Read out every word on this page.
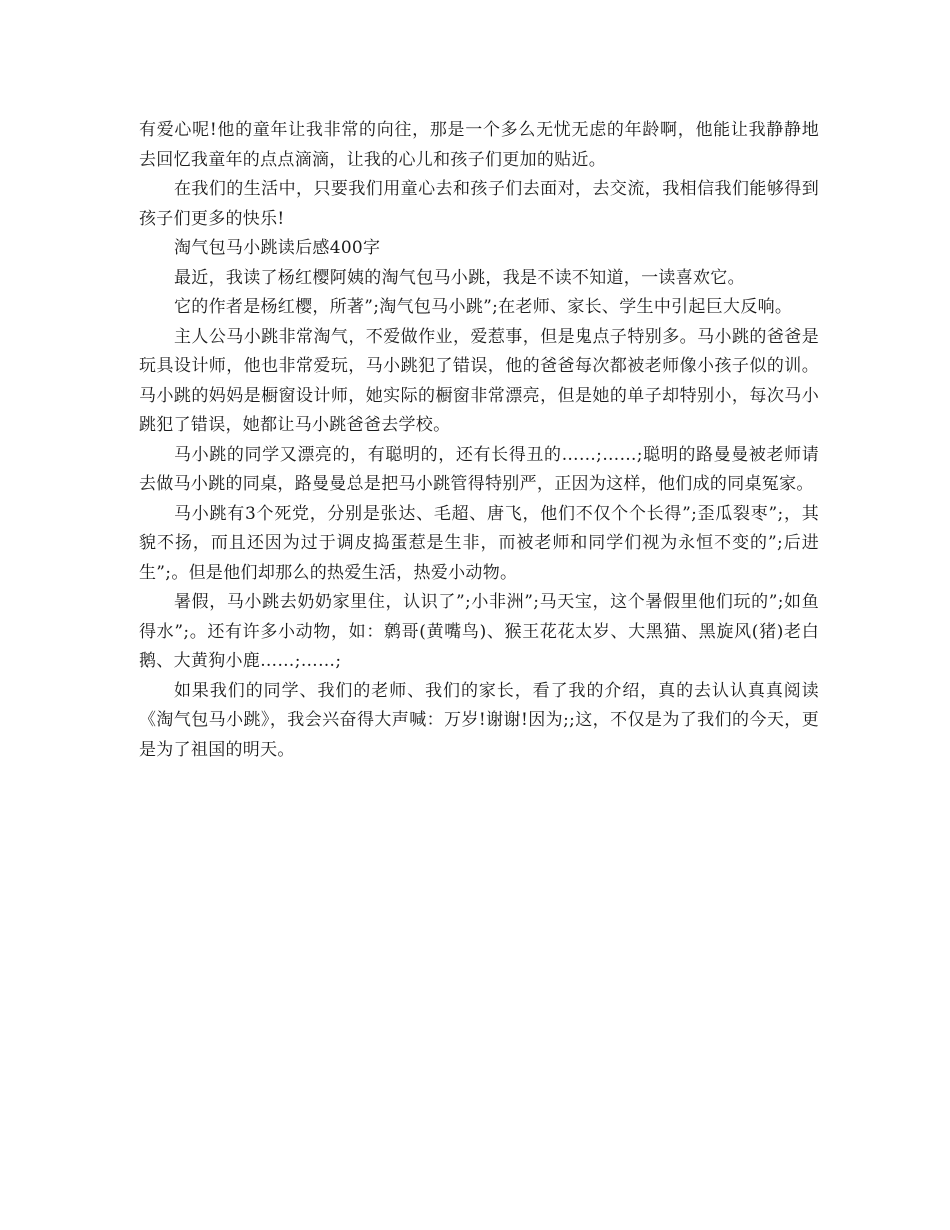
有爱心呢!他的童年让我非常的向往，那是一个多么无忧无虑的年龄啊，他能让我静静地去回忆我童年的点点滴滴，让我的心儿和孩子们更加的贴近。

在我们的生活中，只要我们用童心去和孩子们去面对，去交流，我相信我们能够得到孩子们更多的快乐!

淘气包马小跳读后感400字

最近，我读了杨红樱阿姨的淘气包马小跳，我是不读不知道，一读喜欢它。

它的作者是杨红樱，所著”;淘气包马小跳”;在老师、家长、学生中引起巨大反响。

主人公马小跳非常淘气，不爱做作业，爱惹事，但是鬼点子特别多。马小跳的爸爸是玩具设计师，他也非常爱玩，马小跳犯了错误，他的爸爸每次都被老师像小孩子似的训。马小跳的妈妈是橱窗设计师，她实际的橱窗非常漂亮，但是她的单子却特别小，每次马小跳犯了错误，她都让马小跳爸爸去学校。

马小跳的同学又漂亮的，有聪明的，还有长得丑的……;……;聪明的路曼曼被老师请去做马小跳的同桌，路曼曼总是把马小跳管得特别严，正因为这样，他们成的同桌冤家。

马小跳有3个死党，分别是张达、毛超、唐飞，他们不仅个个长得”;歪瓜裂枣”;，其貌不扬，而且还因为过于调皮捣蛋惹是生非，而被老师和同学们视为永恒不变的”;后进生”;。但是他们却那么的热爱生活，热爱小动物。

暑假，马小跳去奶奶家里住，认识了”;小非洲”;马天宝，这个暑假里他们玩的”;如鱼得水”;。还有许多小动物，如：鹩哥(黄嘴鸟)、猴王花花太岁、大黑猫、黑旋风(猪)老白鹅、大黄狗小鹿……;……;

如果我们的同学、我们的老师、我们的家长，看了我的介绍，真的去认认真真阅读《淘气包马小跳》，我会兴奋得大声喊：万岁!谢谢!因为;;这，不仅是为了我们的今天，更是为了祖国的明天。
